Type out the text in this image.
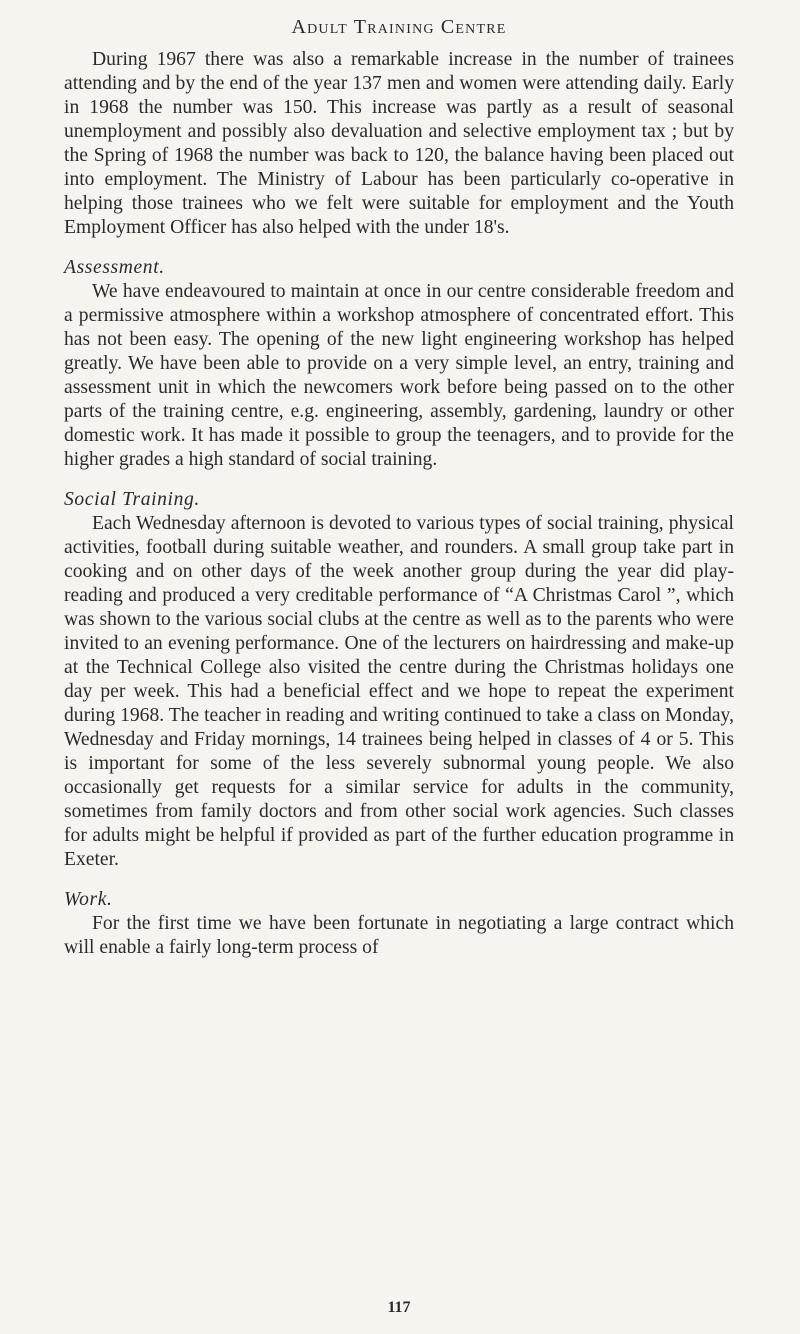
Adult Training Centre

During 1967 there was also a remarkable increase in the number of trainees attending and by the end of the year 137 men and women were attending daily. Early in 1968 the number was 150. This increase was partly as a result of seasonal unemployment and possibly also devaluation and selective employment tax ; but by the Spring of 1968 the number was back to 120, the balance having been placed out into employment. The Ministry of Labour has been particularly co-operative in helping those trainees who we felt were suitable for employment and the Youth Employment Officer has also helped with the under 18's.

Assessment.

We have endeavoured to maintain at once in our centre considerable freedom and a permissive atmosphere within a workshop atmosphere of concentrated effort. This has not been easy. The opening of the new light engineering workshop has helped greatly. We have been able to provide on a very simple level, an entry, training and assessment unit in which the newcomers work before being passed on to the other parts of the training centre, e.g. engineering, assembly, gardening, laundry or other domestic work. It has made it possible to group the teenagers, and to provide for the higher grades a high standard of social training.

Social Training.

Each Wednesday afternoon is devoted to various types of social training, physical activities, football during suitable weather, and rounders. A small group take part in cooking and on other days of the week another group during the year did play-reading and produced a very creditable performance of “A Christmas Carol ”, which was shown to the various social clubs at the centre as well as to the parents who were invited to an evening performance. One of the lecturers on hairdressing and make-up at the Technical College also visited the centre during the Christmas holidays one day per week. This had a beneficial effect and we hope to repeat the experiment during 1968. The teacher in reading and writing continued to take a class on Monday, Wednesday and Friday mornings, 14 trainees being helped in classes of 4 or 5. This is important for some of the less severely subnormal young people. We also occasionally get requests for a similar service for adults in the community, sometimes from family doctors and from other social work agencies. Such classes for adults might be helpful if provided as part of the further education programme in Exeter.

Work.

For the first time we have been fortunate in negotiating a large contract which will enable a fairly long-term process of

117
